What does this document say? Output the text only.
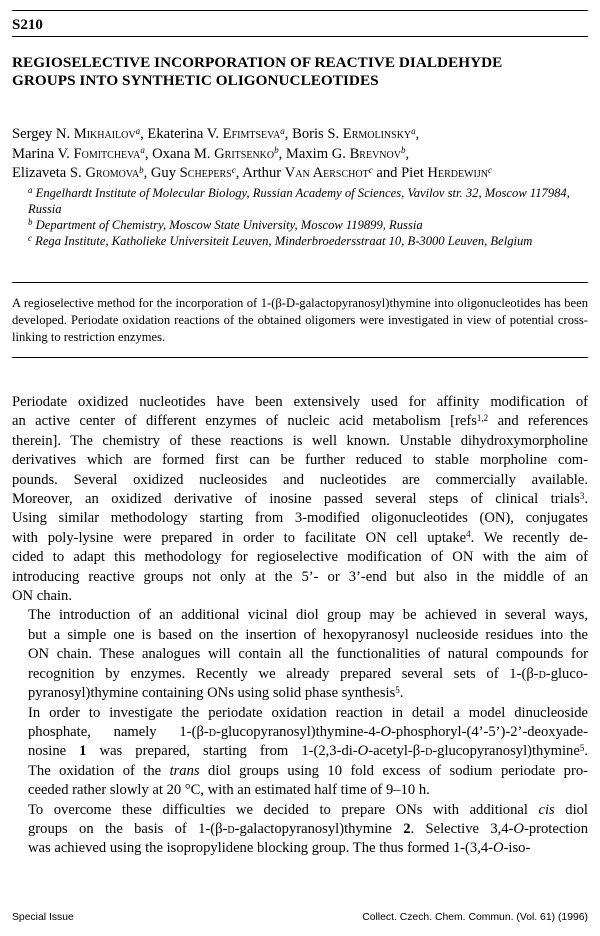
S210
REGIOSELECTIVE INCORPORATION OF REACTIVE DIALDEHYDE
GROUPS INTO SYNTHETIC OLIGONUCLEOTIDES
Sergey N. Mikhailov$^a$, Ekaterina V. Efimtseva$^a$, Boris S. Ermolinsky$^a$,
Marina V. Fomitcheva$^a$, Oxana M. Gritsenko$^b$, Maxim G. Brevnov$^b$,
Elizaveta S. Gromova$^b$, Guy Schepers$^c$, Arthur Van Aerschot$^c$ and Piet Herdewijn$^c$
$^a$ Engelhardt Institute of Molecular Biology, Russian Academy of Sciences, Vavilov str. 32, Moscow 117984, Russia
$^b$ Department of Chemistry, Moscow State University, Moscow 119899, Russia
$^c$ Rega Institute, Katholieke Universiteit Leuven, Minderbroedersstraat 10, B-3000 Leuven, Belgium
A regioselective method for the incorporation of 1-(β-D-galactopyranosyl)thymine into oligonucleotides has been developed. Periodate oxidation reactions of the obtained oligomers were investigated in view of potential cross-linking to restriction enzymes.

Periodate oxidized nucleotides have been extensively used for affinity modification of
an active center of different enzymes of nucleic acid metabolism [refs$^{1,2}$ and references
therein]. The chemistry of these reactions is well known. Unstable dihydroxymorpholine
derivatives which are formed first can be further reduced to stable morpholine com-
pounds. Several oxidized nucleosides and nucleotides are commercially available.
Moreover, an oxidized derivative of inosine passed several steps of clinical trials$^3$.
Using similar methodology starting from 3-modified oligonucleotides (ON), conjugates
with poly-lysine were prepared in order to facilitate ON cell uptake$^4$. We recently de-
cided to adapt this methodology for regioselective modification of ON with the aim of
introducing reactive groups not only at the 5’- or 3’-end but also in the middle of an
ON chain.

The introduction of an additional vicinal diol group may be achieved in several ways,
but a simple one is based on the insertion of hexopyranosyl nucleoside residues into the
ON chain. These analogues will contain all the functionalities of natural compounds for
recognition by enzymes. Recently we already prepared several sets of 1-(β-d-gluco-
pyranosyl)thymine containing ONs using solid phase synthesis$^5$.

In order to investigate the periodate oxidation reaction in detail a model dinucleoside
phosphate, namely 1-(β-d-glucopyranosyl)thymine-4-O-phosphoryl-(4’-5’)-2’-deoxyade-
nosine 1 was prepared, starting from 1-(2,3-di-O-acetyl-β-d-glucopyranosyl)thymine$^5$.
The oxidation of the trans diol groups using 10 fold excess of sodium periodate pro-
ceeded rather slowly at 20 °C, with an estimated half time of 9–10 h.

To overcome these difficulties we decided to prepare ONs with additional cis diol
groups on the basis of 1-(β-d-galactopyranosyl)thymine 2. Selective 3,4-O-protection
was achieved using the isopropylidene blocking group. The thus formed 1-(3,4-O-iso-

Special Issue	Collect. Czech. Chem. Commun. (Vol. 61) (1996)
